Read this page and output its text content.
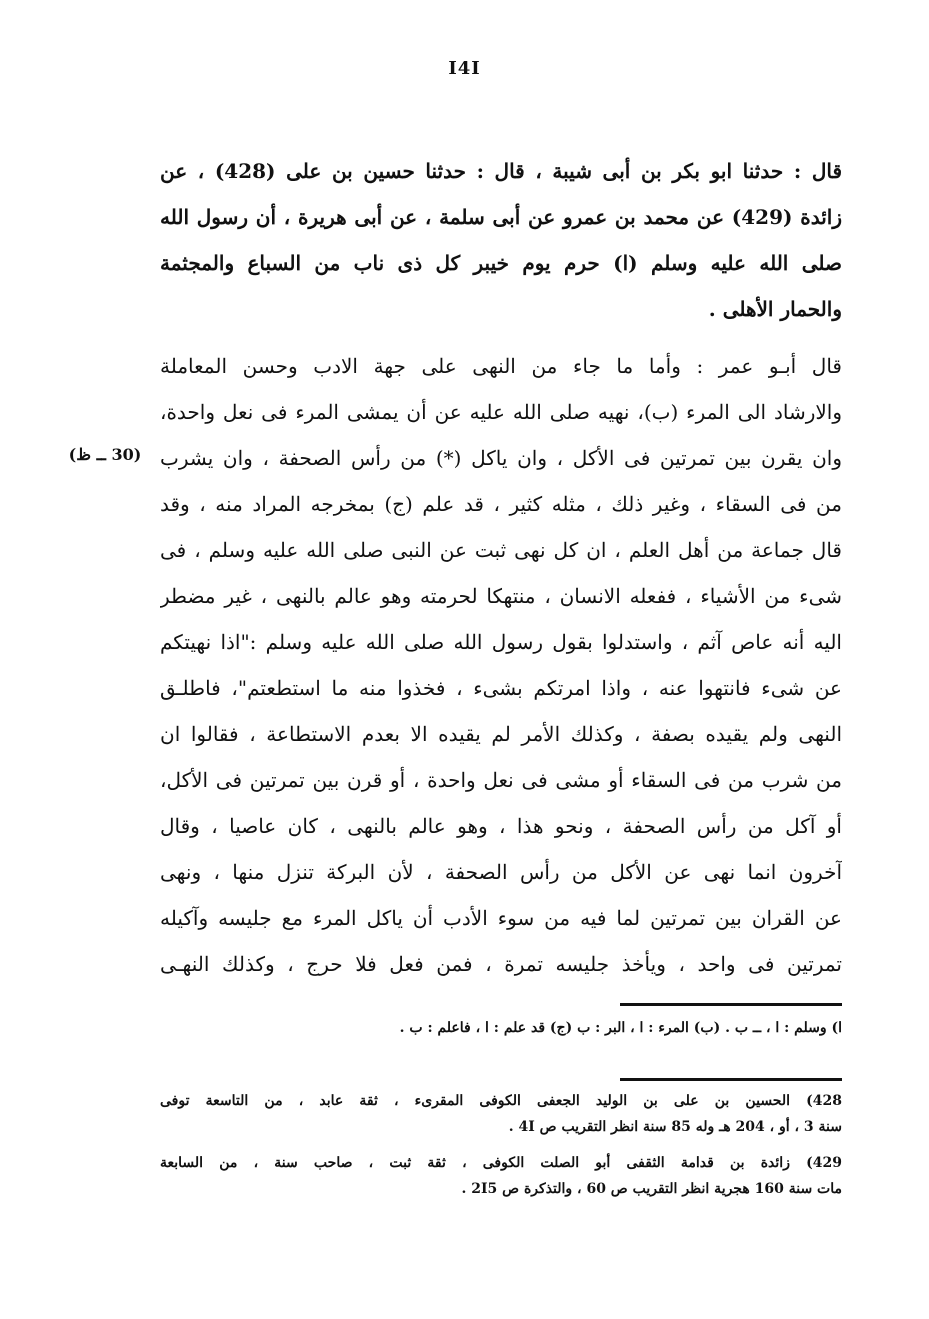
I4I
قال : حدثنا ابو بكر بن أبى شيبة ، قال : حدثنا حسين بن على (428) ، عن
زائدة (429) عن محمد بن عمرو عن أبى سلمة ، عن أبى هريرة ، أن رسول الله
صلى الله عليه وسلم (ا) حرم يوم خيبر كل ذى ناب من السباع والمجثمة
والحمار الأهلى .
قال أبـو عمر : وأما ما جاء من النهى على جهة الادب وحسن المعاملة
والارشاد الى المرء (ب)، نهيه صلى الله عليه عن أن يمشى المرء فى نعل واحدة،
وان يقرن بين تمرتين فى الأكل ، وان ياكل (*) من رأس الصحفة ، وان يشرب
من فى السقاء ، وغير ذلك ، مثله كثير ، قد علم (ج) بمخرجه المراد منه ، وقد
قال جماعة من أهل العلم ، ان كل نهى ثبت عن النبى صلى الله عليه وسلم ، فى
شىء من الأشياء ، ففعله الانسان ، منتهكا لحرمته وهو عالم بالنهى ، غير مضطر
اليه أنه عاص آثم ، واستدلوا بقول رسول الله صلى الله عليه وسلم :"اذا نهيتكم
عن شىء فانتهوا عنه ، واذا امرتكم بشىء ، فخذوا منه ما استطعتم"، فاطلـق
النهى ولم يقيده بصفة ، وكذلك الأمر لم يقيده الا بعدم الاستطاعة ، فقالوا ان
من شرب من فى السقاء أو مشى فى نعل واحدة ، أو قرن بين تمرتين فى الأكل،
أو آكل من رأس الصحفة ، ونحو هذا ، وهو عالم بالنهى ، كان عاصيا ، وقال
آخرون انما نهى عن الأكل من رأس الصحفة ، لأن البركة تنزل منها ، ونهى
عن القران بين تمرتين لما فيه من سوء الأدب أن ياكل المرء مع جليسه وآكيله
تمرتين فى واحد ، ويأخذ جليسه تمرة ، فمن فعل فلا حرج ، وكذلك النهـى
(30 ــ ظ)
ا) وسلم : ا ، ــ ب . (ب) المرء : ا ، البر : ب (ج) قد علم : ا ، فاعلم : ب .
428) الحسين بن على بن الوليد الجعفى الكوفى المقرىء ، ثقة عابد ، من التاسعة توفى
سنة 3 ، أو ، 204 هـ وله 85 سنة انظر التقريب ص 4I .
429) زائدة بن قدامة الثقفى أبو الصلت الكوفى ، ثقة ثبت ، صاحب سنة ، من السابعة
مات سنة 160 هجرية انظر التقريب ص 60 ، والتذكرة ص 2I5 .
